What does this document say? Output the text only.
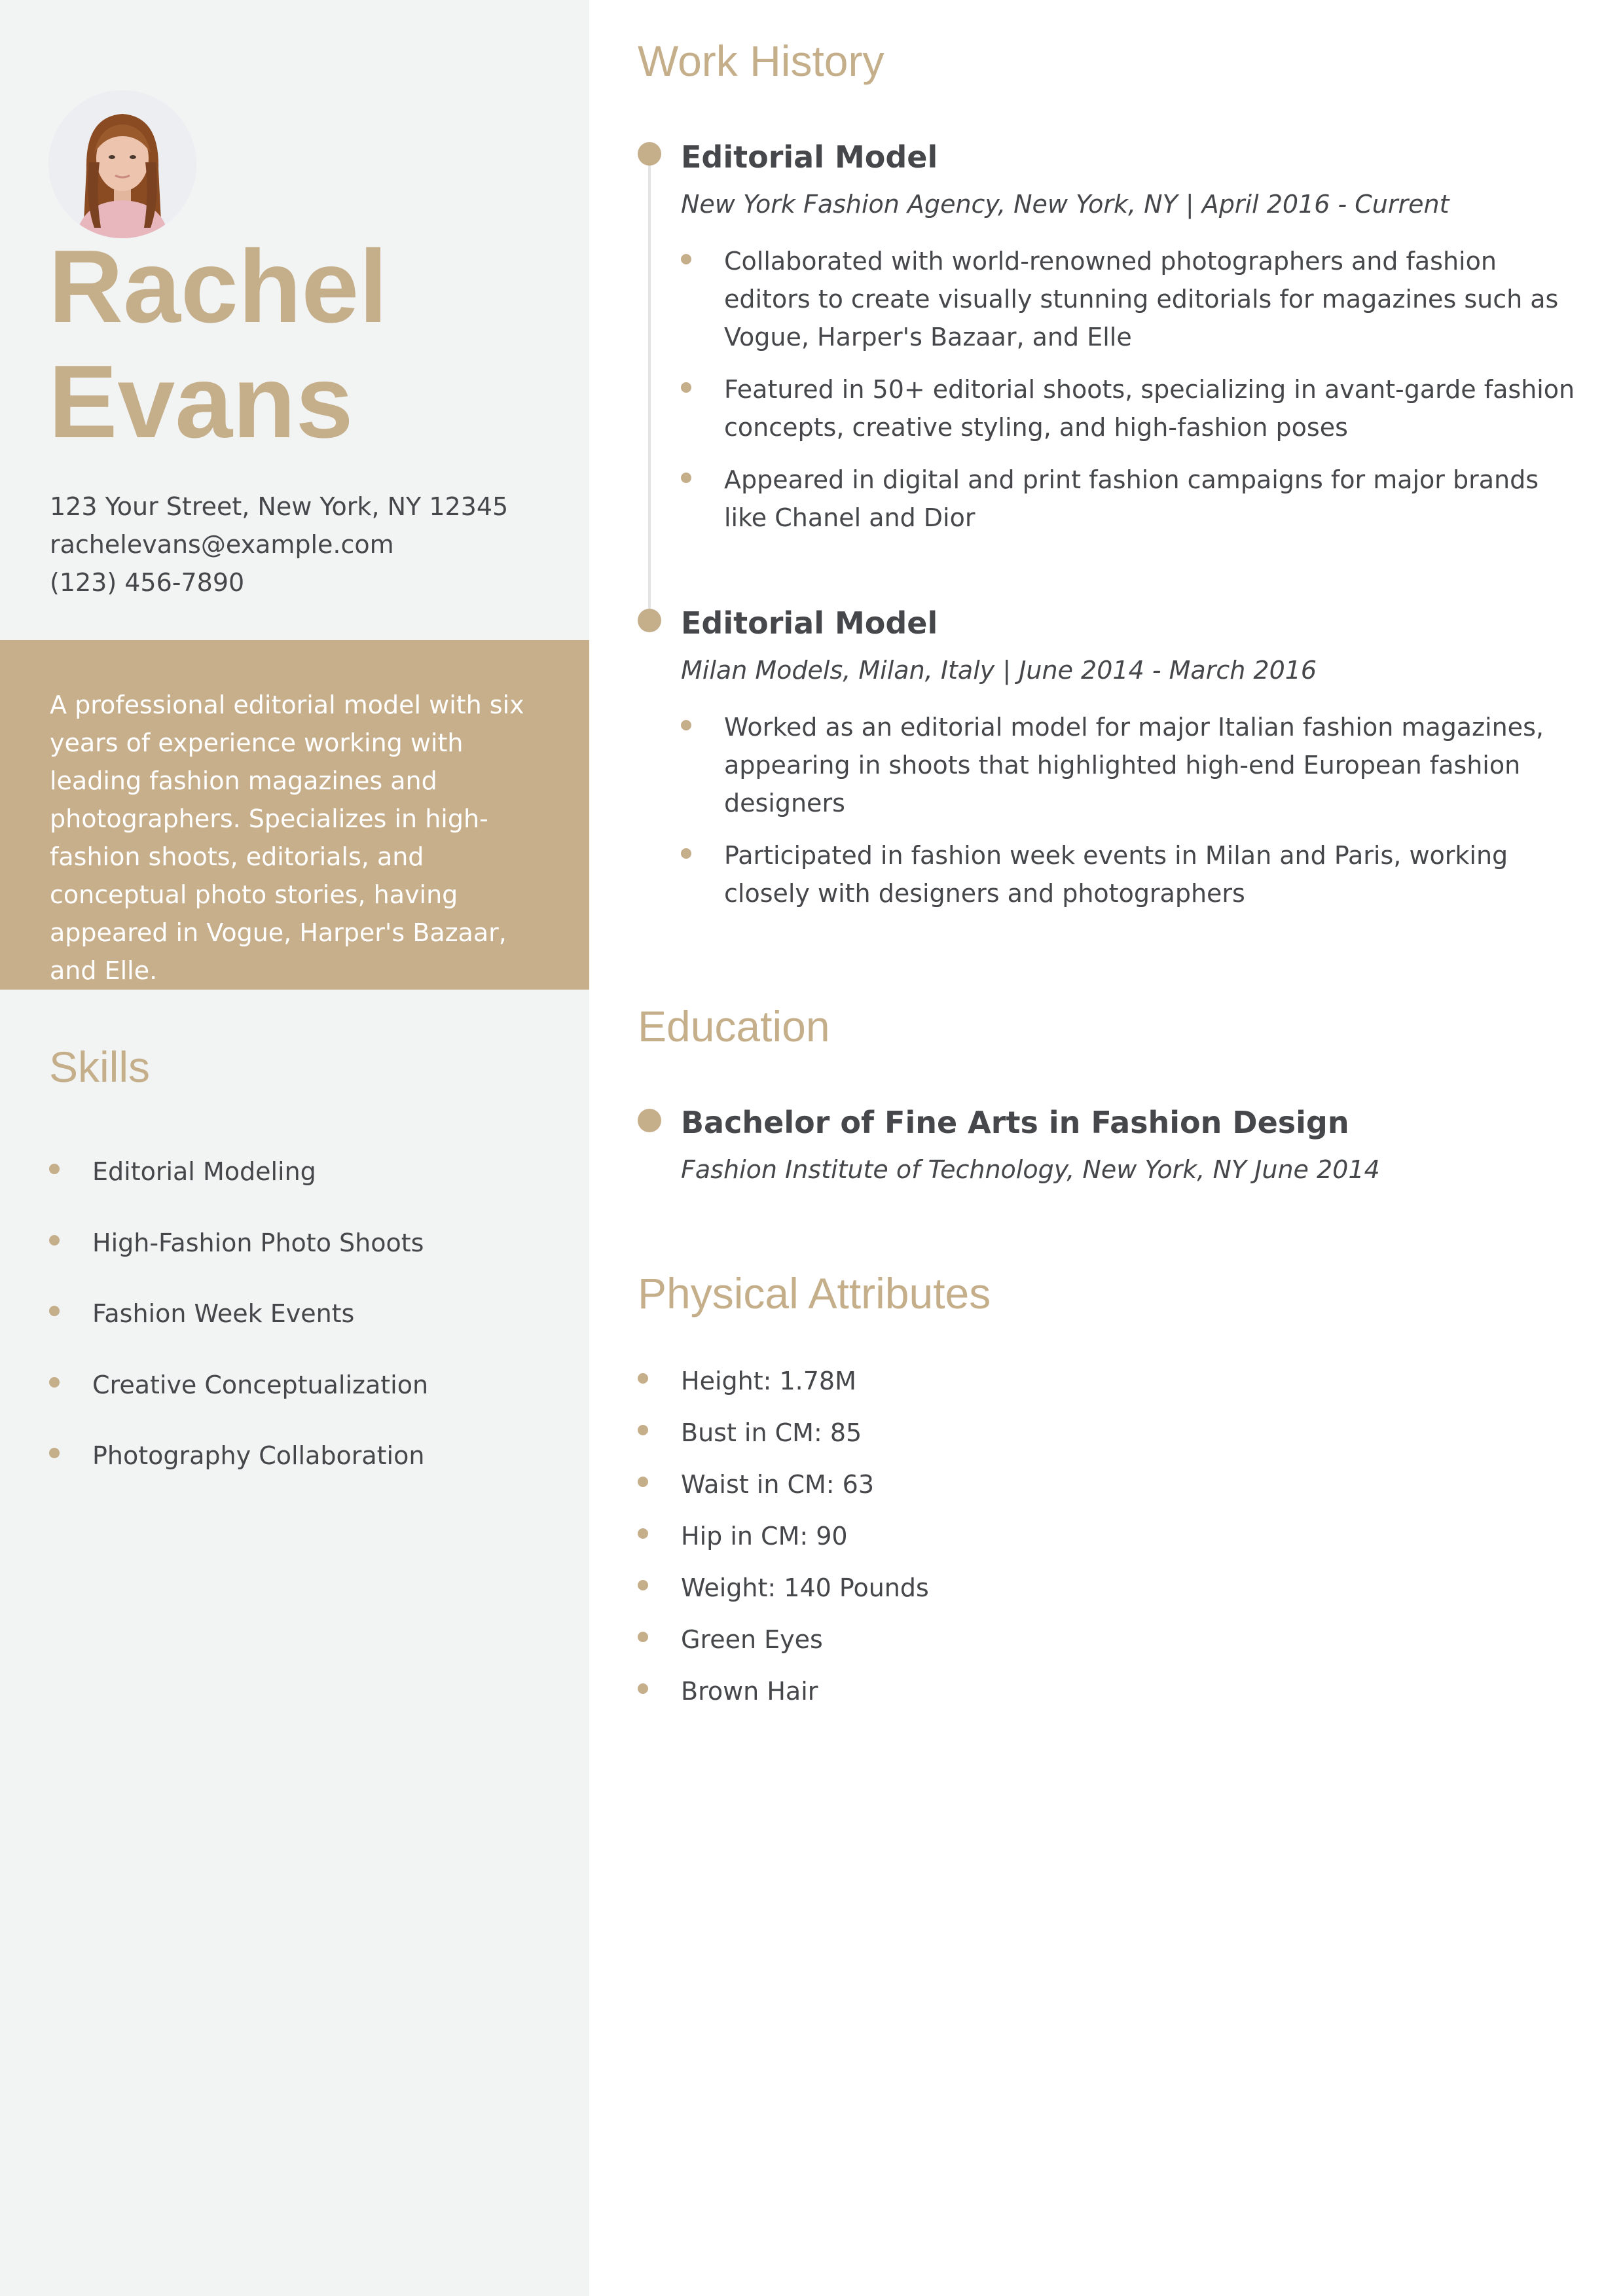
Rachel
Evans
123 Your Street, New York, NY 12345
rachelevans@example.com
(123) 456-7890

A professional editorial model with six years of experience working with leading fashion magazines and photographers. Specializes in high-fashion shoots, editorials, and conceptual photo stories, having appeared in Vogue, Harper's Bazaar, and Elle.

Skills
Editorial Modeling
High-Fashion Photo Shoots
Fashion Week Events
Creative Conceptualization
Photography Collaboration
Work History
Editorial Model

New York Fashion Agency, New York, NY | April 2016 - Current

Collaborated with world-renowned photographers and fashion editors to create visually stunning editorials for magazines such as Vogue, Harper's Bazaar, and Elle
Featured in 50+ editorial shoots, specializing in avant-garde fashion concepts, creative styling, and high-fashion poses
Appeared in digital and print fashion campaigns for major brands like Chanel and Dior
Editorial Model

Milan Models, Milan, Italy | June 2014 - March 2016

Worked as an editorial model for major Italian fashion magazines, appearing in shoots that highlighted high-end European fashion designers
Participated in fashion week events in Milan and Paris, working closely with designers and photographers
Education
Bachelor of Fine Arts in Fashion Design

Fashion Institute of Technology, New York, NY June 2014

Physical Attributes
Height: 1.78M
Bust in CM: 85
Waist in CM: 63
Hip in CM: 90
Weight: 140 Pounds
Green Eyes
Brown Hair
